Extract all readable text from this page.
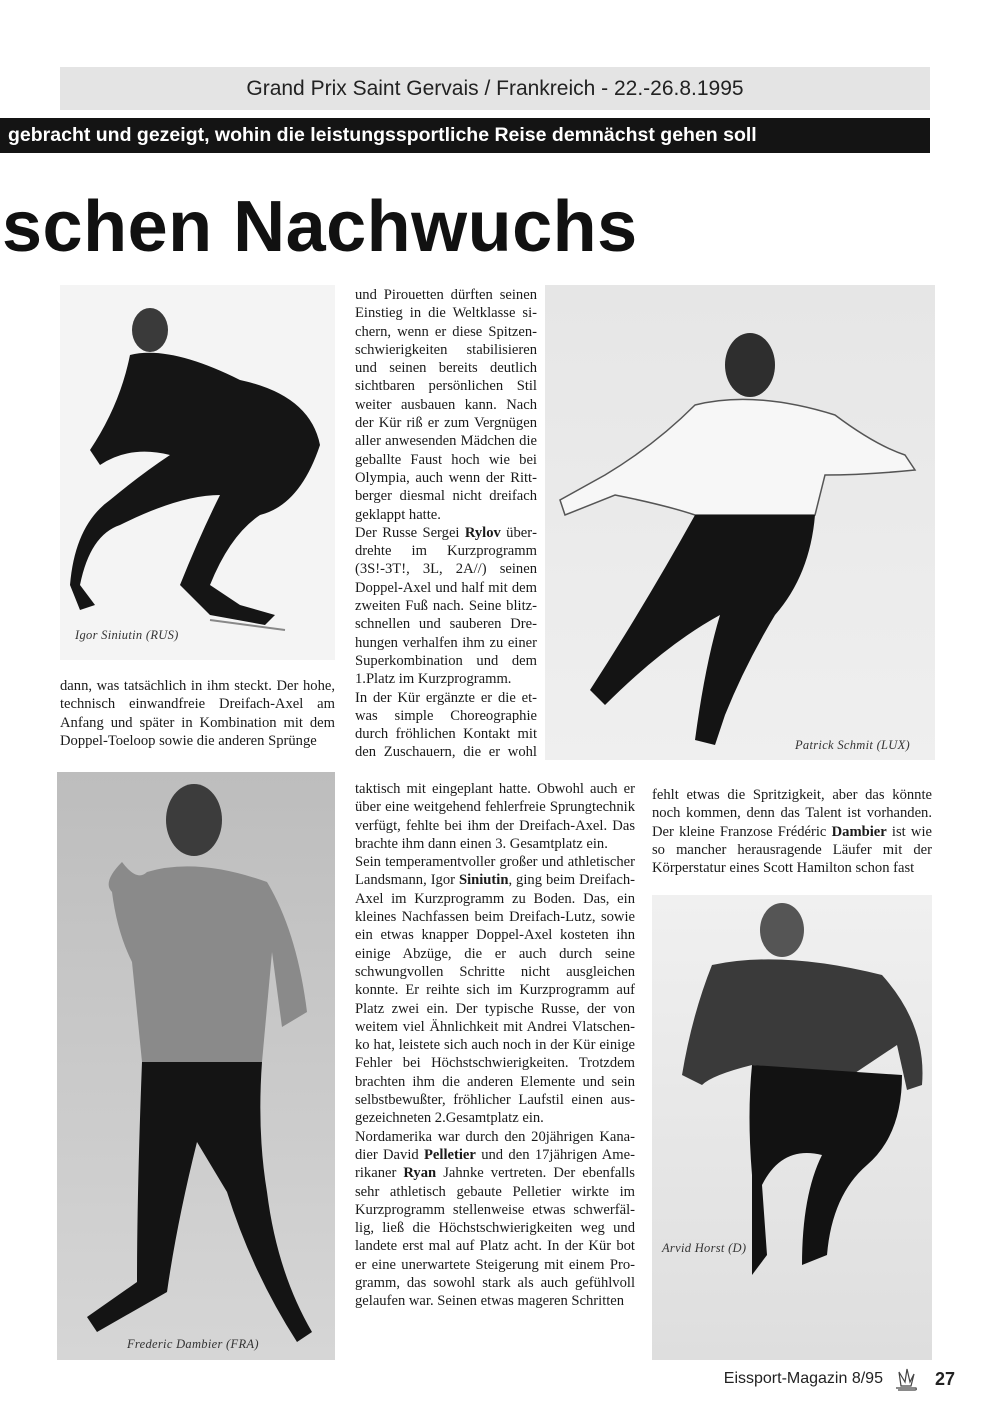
Grand Prix Saint Gervais / Frankreich - 22.-26.8.1995
gebracht und gezeigt, wohin die leistungssportliche Reise demnächst gehen soll
schen Nachwuchs
Igor Siniutin (RUS)
Frederic Dambier (FRA)
Patrick Schmit (LUX)
Arvid Horst (D)

dann, was tatsächlich in ihm steckt. Der hohe, technisch einwandfreie Dreifach-Axel am Anfang und später in Kombination mit dem Doppel-Toeloop sowie die anderen Sprünge

und Pirouetten dürften seinen Einstieg in die Weltklasse sichern, wenn er diese Spitzenschwierigkeiten stabilisieren und seinen bereits deutlich sichtbaren persönlichen Stil weiter ausbauen kann. Nach der Kür riß er zum Vergnügen aller anwesenden Mädchen die geballte Faust hoch wie bei Olympia, auch wenn der Rittberger diesmal nicht dreifach geklappt hatte.

Der Russe Sergei Rylov überdrehte im Kurzprogramm (3S!-3T!, 3L, 2A//) seinen Doppel-Axel und half mit dem zweiten Fuß nach. Seine blitzschnellen und sauberen Drehungen verhalfen ihm zu einer Superkombination und dem 1.Platz im Kurzprogramm.

In der Kür ergänzte er die etwas simple Choreographie durch fröhlichen Kontakt mit den Zuschauern, die er wohl

taktisch mit eingeplant hatte. Obwohl auch er über eine weitgehend fehlerfreie Sprungtechnik verfügt, fehlte bei ihm der Dreifach-Axel. Das brachte ihm dann einen 3. Gesamtplatz ein.

Sein temperamentvoller großer und athletischer Landsmann, Igor Siniutin, ging beim Dreifach-Axel im Kurzprogramm zu Boden. Das, ein kleines Nachfassen beim Dreifach-Lutz, sowie ein etwas knapper Doppel-Axel kosteten ihn einige Abzüge, die er auch durch seine schwungvollen Schritte nicht ausgleichen konnte. Er reihte sich im Kurzprogramm auf Platz zwei ein. Der typische Russe, der von weitem viel Ähnlichkeit mit Andrei Vlatschenko hat, leistete sich auch noch in der Kür einige Fehler bei Höchstschwierigkeiten. Trotzdem brachten ihm die anderen Elemente und sein selbstbewußter, fröhlicher Laufstil einen ausgezeichneten 2.Gesamtplatz ein.

Nordamerika war durch den 20jährigen Kanadier David Pelletier und den 17jährigen Amerikaner Ryan Jahnke vertreten. Der ebenfalls sehr athletisch gebaute Pelletier wirkte im Kurzprogramm stellenweise etwas schwerfällig, ließ die Höchstschwierigkeiten weg und landete erst mal auf Platz acht. In der Kür bot er eine unerwartete Steigerung mit einem Programm, das sowohl stark als auch gefühlvoll gelaufen war. Seinen etwas mageren Schritten

fehlt etwas die Spritzigkeit, aber das könnte noch kommen, denn das Talent ist vorhanden. Der kleine Franzose Frédéric Dambier ist wie so mancher herausragende Läufer mit der Körperstatur eines Scott Hamilton schon fast

Eissport-Magazin 8/95	27
